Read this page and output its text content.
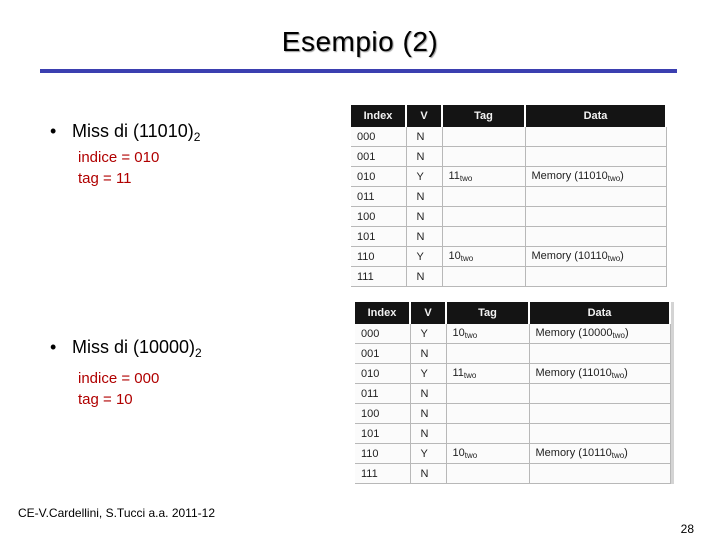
Esempio (2)
• Miss di $(11010)_2$
indice = 010
tag = 11
• Miss di $(10000)_2$
indice = 000
tag = 10
Index	V	Tag	Data
000	N		
001	N		
010	Y	$11_{two}$	Memory $(11010_{two})$
011	N		
100	N		
101	N		
110	Y	$10_{two}$	Memory $(10110_{two})$
111	N		
Index	V	Tag	Data
000	Y	$10_{two}$	Memory $(10000_{two})$
001	N		
010	Y	$11_{two}$	Memory $(11010_{two})$
011	N		
100	N		
101	N		
110	Y	$10_{two}$	Memory $(10110_{two})$
111	N		
CE-V.Cardellini, S.Tucci a.a. 2011-12
28
